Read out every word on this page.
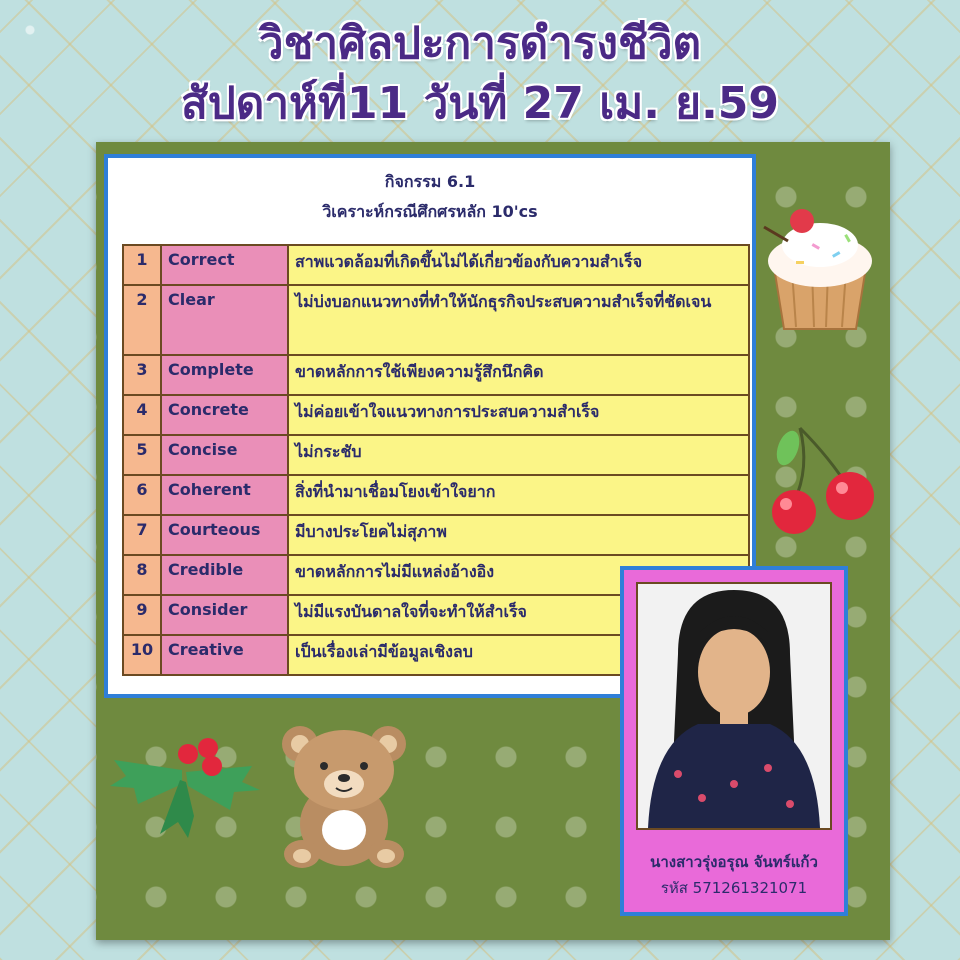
วิชาศิลปะการดำรงชีวิต
สัปดาห์ที่11 วันที่ 27 เม. ย.59
กิจกรรม 6.1
วิเคราะห์กรณีศึกศรหลัก 10'cs
1	Correct	สาพแวดล้อมที่เกิดขึ้นไม่ได้เกี่ยวข้องกับความสำเร็จ
2	Clear	ไม่บ่งบอกแนวทางที่ทำให้นักธุรกิจประสบความสำเร็จที่ชัดเจน
3	Complete	ขาดหลักการใช้เพียงความรู้สึกนึกคิด
4	Concrete	ไม่ค่อยเข้าใจแนวทางการประสบความสำเร็จ
5	Concise	ไม่กระชับ
6	Coherent	สิ่งที่นำมาเชื่อมโยงเข้าใจยาก
7	Courteous	มีบางประโยคไม่สุภาพ
8	Credible	ขาดหลักการไม่มีแหล่งอ้างอิง
9	Consider	ไม่มีแรงบันดาลใจที่จะทำให้สำเร็จ
10	Creative	เป็นเรื่องเล่ามีข้อมูลเชิงลบ
นางสาวรุ่งอรุณ จันทร์แก้ว
รหัส 571261321071
